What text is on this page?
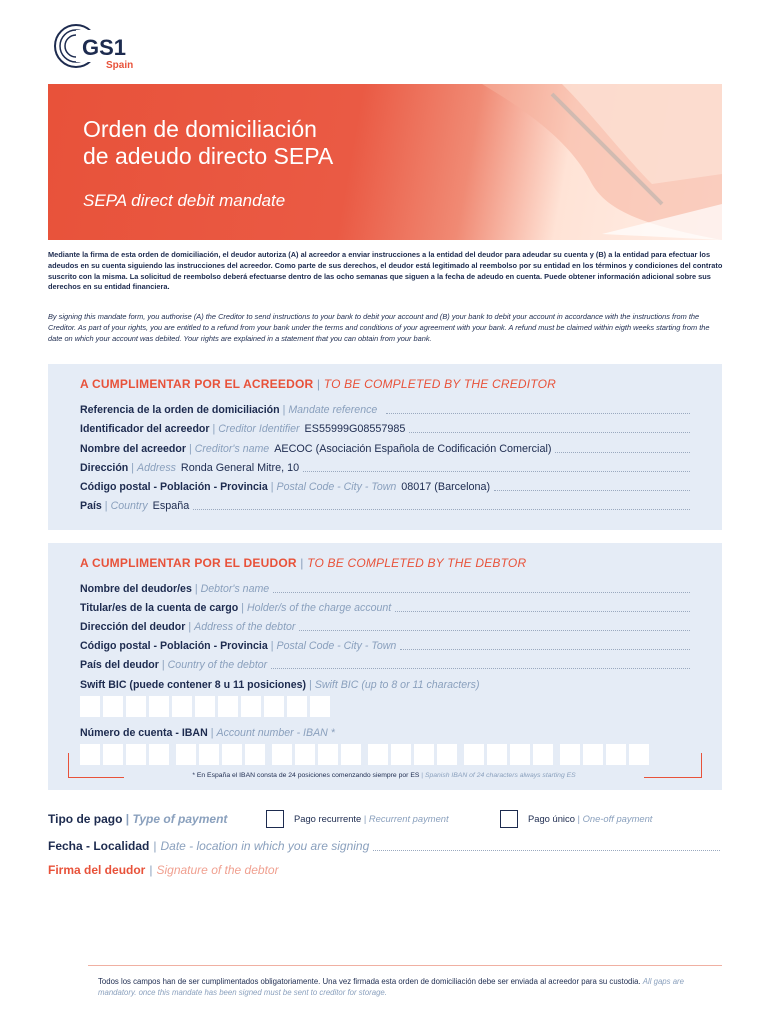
GS1
Spain
Orden de domiciliación
de adeudo directo SEPA
SEPA direct debit mandate
Mediante la firma de esta orden de domiciliación, el deudor autoriza (A) al acreedor a enviar instrucciones a la entidad del deudor para adeudar su cuenta y (B) a la entidad para efectuar los adeudos en su cuenta siguiendo las instrucciones del acreedor. Como parte de sus derechos, el deudor está legitimado al reembolso por su entidad en los términos y condiciones del contrato suscrito con la misma. La solicitud de reembolso deberá efectuarse dentro de las ocho semanas que siguen a la fecha de adeudo en cuenta. Puede obtener información adicional sobre sus derechos en su entidad financiera.
By signing this mandate form, you authorise (A) the Creditor to send instructions to your bank to debit your account and (B) your bank to debit your account in accordance with the instructions from the Creditor. As part of your rights, you are entitled to a refund from your bank under the terms and conditions of your agreement with your bank. A refund must be claimed within eigth weeks starting from the date on which your account was debited. Your rights are explained in a statement that you can obtain from your bank.
A CUMPLIMENTAR POR EL ACREEDOR | TO BE COMPLETED BY THE CREDITOR
Referencia de la orden de domiciliación | Mandate reference
Identificador del acreedor | Creditor Identifier ES55999G08557985
Nombre del acreedor | Creditor's name AECOC (Asociación Española de Codificación Comercial)
Dirección | Address Ronda General Mitre, 10
Código postal - Población - Provincia | Postal Code - City - Town 08017 (Barcelona)
País | Country España
A CUMPLIMENTAR POR EL DEUDOR | TO BE COMPLETED BY THE DEBTOR
Nombre del deudor/es | Debtor's name
Titular/es de la cuenta de cargo | Holder/s of the charge account
Dirección del deudor | Address of the debtor
Código postal - Población - Provincia | Postal Code - City - Town
País del deudor | Country of the debtor
Swift BIC (puede contener 8 u 11 posiciones) | Swift BIC (up to 8 or 11 characters)
Número de cuenta - IBAN | Account number - IBAN *
* En España el IBAN consta de 24 posiciones comenzando siempre por ES | Spanish IBAN of 24 characters always starting ES
Tipo de pago | Type of payment	Pago recurrente | Recurrent payment	Pago único | One-off payment
Fecha - Localidad | Date - location in which you are signing
Firma del deudor | Signature of the debtor
Todos los campos han de ser cumplimentados obligatoriamente. Una vez firmada esta orden de domiciliación debe ser enviada al acreedor para su custodia. All gaps are mandatory. once this mandate has been signed must be sent to creditor for storage.
